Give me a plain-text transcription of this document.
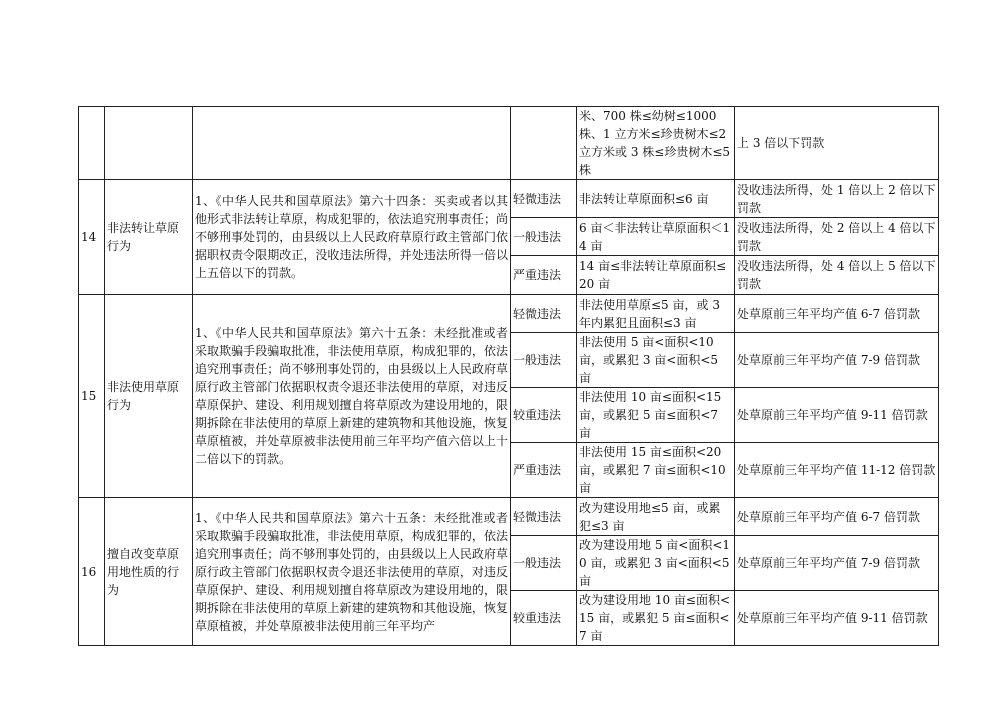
				米、700 株≤幼树≤1000 株、1 立方米≤珍贵树木≤2 立方米或 3 株≤珍贵树木≤5 株	上 3 倍以下罚款
14	非法转让草原行为	1、《中华人民共和国草原法》第六十四条：买卖或者以其他形式非法转让草原，构成犯罪的，依法追究刑事责任；尚不够刑事处罚的，由县级以上人民政府草原行政主管部门依据职权责令限期改正，没收违法所得，并处违法所得一倍以上五倍以下的罚款。	轻微违法	非法转让草原面积≤6 亩	没收违法所得，处 1 倍以上 2 倍以下罚款
			一般违法	6 亩＜非法转让草原面积＜14 亩	没收违法所得，处 2 倍以上 4 倍以下罚款
			严重违法	14 亩≤非法转让草原面积≤20 亩	没收违法所得，处 4 倍以上 5 倍以下罚款
15	非法使用草原行为	1、《中华人民共和国草原法》第六十五条：未经批准或者采取欺骗手段骗取批准，非法使用草原，构成犯罪的，依法追究刑事责任；尚不够刑事处罚的，由县级以上人民政府草原行政主管部门依据职权责令退还非法使用的草原，对违反草原保护、建设、利用规划擅自将草原改为建设用地的，限期拆除在非法使用的草原上新建的建筑物和其他设施，恢复草原植被，并处草原被非法使用前三年平均产值六倍以上十二倍以下的罚款。	轻微违法	非法使用草原≤5 亩，或 3 年内累犯且面积≤3 亩	处草原前三年平均产值 6-7 倍罚款
			一般违法	非法使用 5 亩<面积<10 亩，或累犯 3 亩<面积<5 亩	处草原前三年平均产值 7-9 倍罚款
			较重违法	非法使用 10 亩≤面积<15 亩，或累犯 5 亩≤面积<7 亩	处草原前三年平均产值 9-11 倍罚款
			严重违法	非法使用 15 亩≤面积<20 亩，或累犯 7 亩≤面积<10 亩	处草原前三年平均产值 11-12 倍罚款
16	擅自改变草原用地性质的行为	1、《中华人民共和国草原法》第六十五条：未经批准或者采取欺骗手段骗取批准，非法使用草原，构成犯罪的，依法追究刑事责任；尚不够刑事处罚的，由县级以上人民政府草原行政主管部门依据职权责令退还非法使用的草原，对违反草原保护、建设、利用规划擅自将草原改为建设用地的，限期拆除在非法使用的草原上新建的建筑物和其他设施，恢复草原植被，并处草原被非法使用前三年平均产	轻微违法	改为建设用地≤5 亩，或累犯≤3 亩	处草原前三年平均产值 6-7 倍罚款
			一般违法	改为建设用地 5 亩<面积<10 亩，或累犯 3 亩<面积<5 亩	处草原前三年平均产值 7-9 倍罚款
			较重违法	改为建设用地 10 亩≤面积<15 亩，或累犯 5 亩≤面积<7 亩	处草原前三年平均产值 9-11 倍罚款
